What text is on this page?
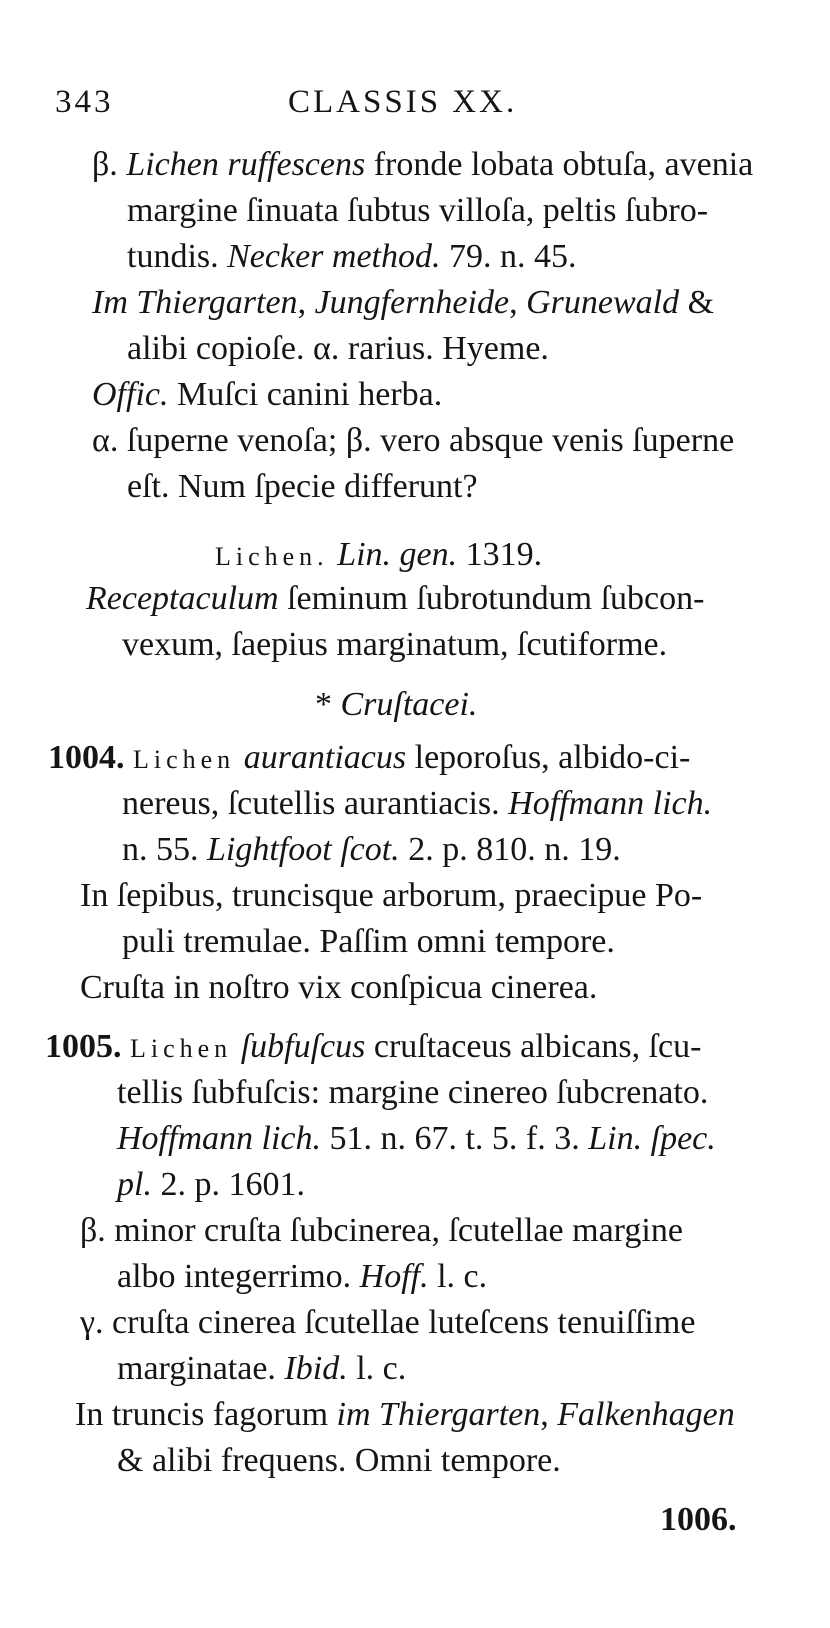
343	CLASSIS XX.
β. Lichen ruffescens fronde lobata obtuſa, avenia
margine ſinuata ſubtus villoſa, peltis ſubro-
tundis. Necker method. 79. n. 45.
Im Thiergarten, Jungfernheide, Grunewald &
alibi copioſe. α. rarius. Hyeme.
Offic. Muſci canini herba.
α. ſuperne venoſa; β. vero absque venis ſuperne
eſt. Num ſpecie differunt?
Lichen. Lin. gen. 1319.
Receptaculum ſeminum ſubrotundum ſubcon-
vexum, ſaepius marginatum, ſcutiforme.
* Cruſtacei.
1004. Lichen aurantiacus leporoſus, albido-ci-
nereus, ſcutellis aurantiacis. Hoffmann lich.
n. 55. Lightfoot ſcot. 2. p. 810. n. 19.
In ſepibus, truncisque arborum, praecipue Po-
puli tremulae. Paſſim omni tempore.
Cruſta in noſtro vix conſpicua cinerea.
1005. Lichen ſubfuſcus cruſtaceus albicans, ſcu-
tellis ſubfuſcis: margine cinereo ſubcrenato.
Hoffmann lich. 51. n. 67. t. 5. f. 3. Lin. ſpec.
pl. 2. p. 1601.
β. minor cruſta ſubcinerea, ſcutellae margine
albo integerrimo. Hoff. l. c.
γ. cruſta cinerea ſcutellae luteſcens tenuiſſime
marginatae. Ibid. l. c.
In truncis fagorum im Thiergarten, Falkenhagen
& alibi frequens. Omni tempore.
1006.
